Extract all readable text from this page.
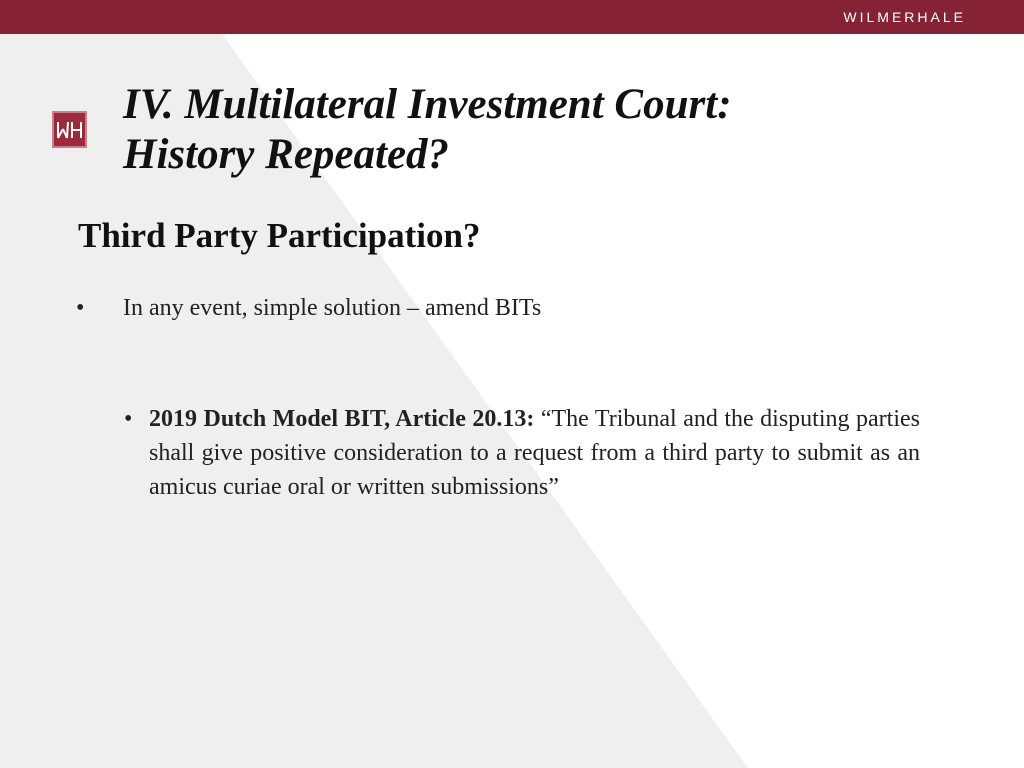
WILMERHALE
IV. Multilateral Investment Court:
History Repeated?
Third Party Participation?
• In any event, simple solution – amend BITs
• 2019 Dutch Model BIT, Article 20.13: “The Tribunal and the disputing parties shall give positive consideration to a request from a third party to submit as an amicus curiae oral or written submissions”
